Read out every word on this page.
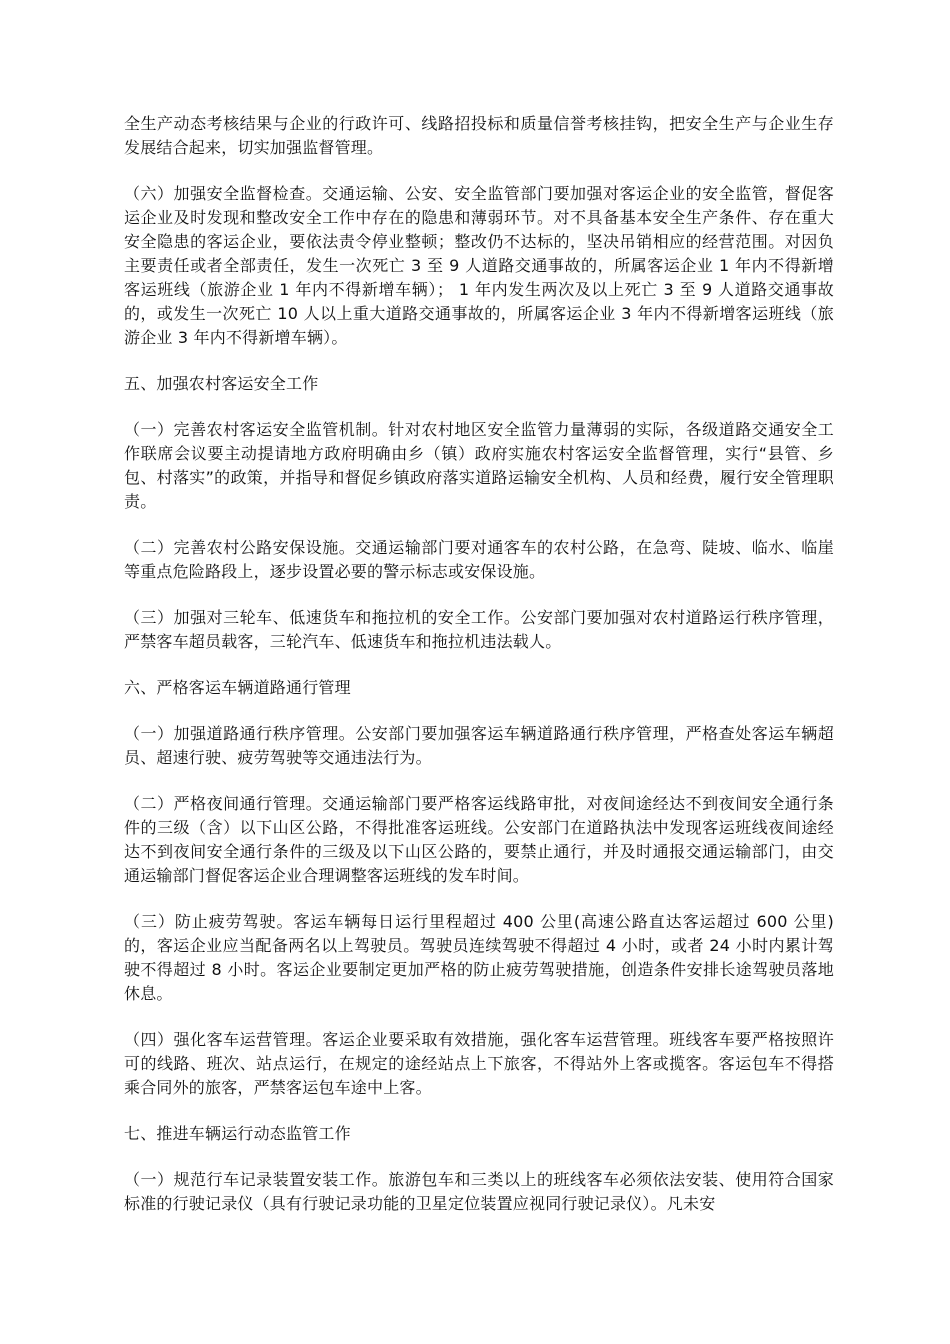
全生产动态考核结果与企业的行政许可、线路招投标和质量信誉考核挂钩，把安全生产与企业生存发展结合起来，切实加强监督管理。

（六）加强安全监督检查。交通运输、公安、安全监管部门要加强对客运企业的安全监管，督促客运企业及时发现和整改安全工作中存在的隐患和薄弱环节。对不具备基本安全生产条件、存在重大安全隐患的客运企业，要依法责令停业整顿；整改仍不达标的，坚决吊销相应的经营范围。对因负主要责任或者全部责任，发生一次死亡 3 至 9 人道路交通事故的，所属客运企业 1 年内不得新增客运班线（旅游企业 1 年内不得新增车辆）； 1 年内发生两次及以上死亡 3 至 9 人道路交通事故的，或发生一次死亡 10 人以上重大道路交通事故的，所属客运企业 3 年内不得新增客运班线（旅游企业 3 年内不得新增车辆）。

五、加强农村客运安全工作

（一）完善农村客运安全监管机制。针对农村地区安全监管力量薄弱的实际，各级道路交通安全工作联席会议要主动提请地方政府明确由乡（镇）政府实施农村客运安全监督管理，实行“县管、乡包、村落实”的政策，并指导和督促乡镇政府落实道路运输安全机构、人员和经费，履行安全管理职责。

（二）完善农村公路安保设施。交通运输部门要对通客车的农村公路，在急弯、陡坡、临水、临崖等重点危险路段上，逐步设置必要的警示标志或安保设施。

（三）加强对三轮车、低速货车和拖拉机的安全工作。公安部门要加强对农村道路运行秩序管理，严禁客车超员载客，三轮汽车、低速货车和拖拉机违法载人。

六、严格客运车辆道路通行管理

（一）加强道路通行秩序管理。公安部门要加强客运车辆道路通行秩序管理，严格查处客运车辆超员、超速行驶、疲劳驾驶等交通违法行为。

（二）严格夜间通行管理。交通运输部门要严格客运线路审批，对夜间途经达不到夜间安全通行条件的三级（含）以下山区公路，不得批准客运班线。公安部门在道路执法中发现客运班线夜间途经达不到夜间安全通行条件的三级及以下山区公路的，要禁止通行，并及时通报交通运输部门，由交通运输部门督促客运企业合理调整客运班线的发车时间。

（三）防止疲劳驾驶。客运车辆每日运行里程超过 400 公里(高速公路直达客运超过 600 公里)的，客运企业应当配备两名以上驾驶员。驾驶员连续驾驶不得超过 4 小时，或者 24 小时内累计驾驶不得超过 8 小时。客运企业要制定更加严格的防止疲劳驾驶措施，创造条件安排长途驾驶员落地休息。

（四）强化客车运营管理。客运企业要采取有效措施，强化客车运营管理。班线客车要严格按照许可的线路、班次、站点运行，在规定的途经站点上下旅客，不得站外上客或揽客。客运包车不得搭乘合同外的旅客，严禁客运包车途中上客。

七、推进车辆运行动态监管工作

（一）规范行车记录装置安装工作。旅游包车和三类以上的班线客车必须依法安装、使用符合国家标准的行驶记录仪（具有行驶记录功能的卫星定位装置应视同行驶记录仪）。凡未安
